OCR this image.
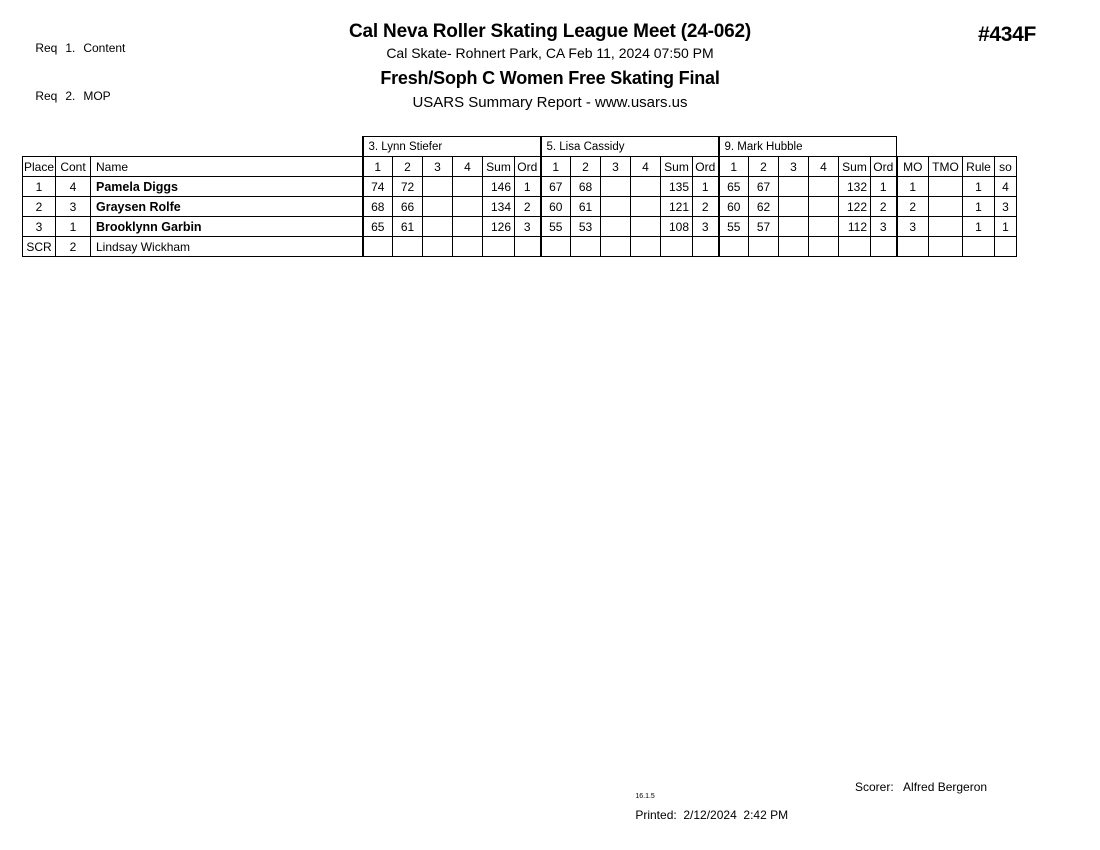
Req 1. Content

Req 2. MOP

Cal Neva Roller Skating League Meet (24-062)
Cal Skate- Rohnert Park, CA Feb 11, 2024 07:50 PM
Fresh/Soph C Women Free Skating Final
USARS Summary Report - www.usars.us
#434F
			3. Lynn Stiefer						5. Lisa Cassidy						9. Mark Hubble									
Place	Cont	Name	1	2	3	4	Sum	Ord	1	2	3	4	Sum	Ord	1	2	3	4	Sum	Ord	MO	TMO	Rule	so
1	4	Pamela Diggs	74	72			146	1	67	68			135	1	65	67			132	1	1		1	4
2	3	Graysen Rolfe	68	66			134	2	60	61			121	2	60	62			122	2	2		1	3
3	1	Brooklynn Garbin	65	61			126	3	55	53			108	3	55	57			112	3	3		1	1
SCR	2	Lindsay Wickham																						

$^{16.1.5}$
Printed:  2/12/2024  2:42 PM

Scorer:   Alfred Bergeron
